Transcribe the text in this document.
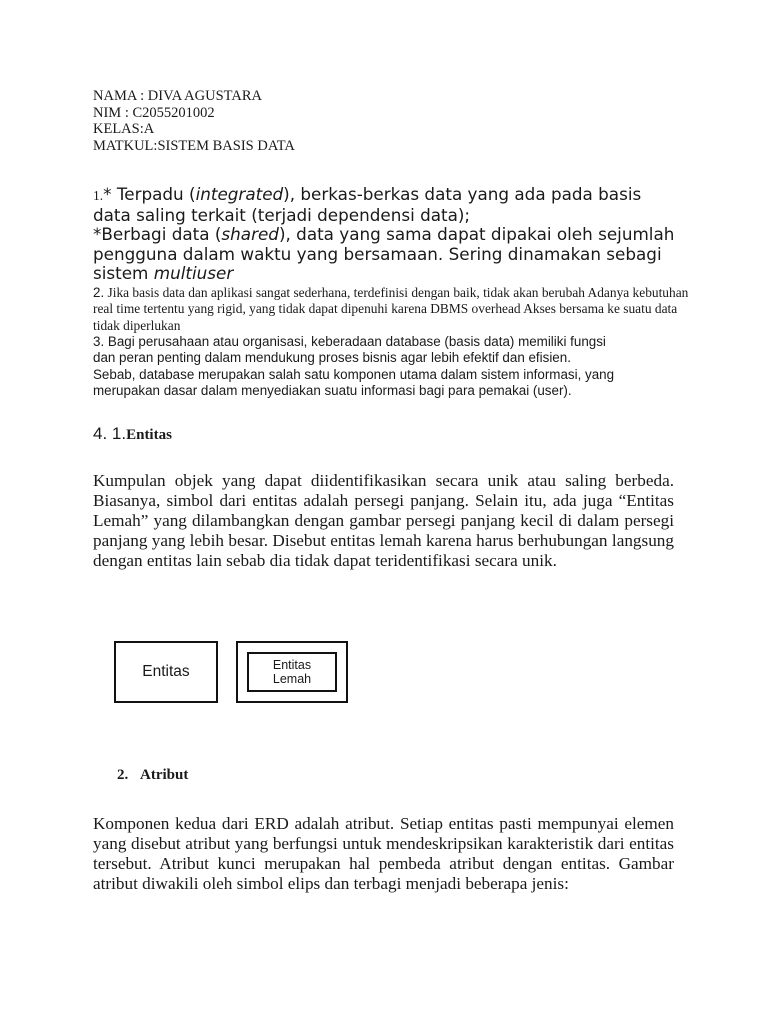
NAMA : DIVA AGUSTARA
NIM : C2055201002
KELAS:A
MATKUL:SISTEM BASIS DATA
1.* Terpadu (integrated), berkas-berkas data yang ada pada basis data saling terkait (terjadi dependensi data);
*Berbagi data (shared), data yang sama dapat dipakai oleh sejumlah pengguna dalam waktu yang bersamaan. Sering dinamakan sebagi sistem multiuser
2. Jika basis data dan aplikasi sangat sederhana, terdefinisi dengan baik, tidak akan berubah Adanya kebutuhan real time tertentu yang rigid, yang tidak dapat dipenuhi karena DBMS overhead Akses bersama ke suatu data tidak diperlukan
3. Bagi perusahaan atau organisasi, keberadaan database (basis data) memiliki fungsi
dan peran penting dalam mendukung proses bisnis agar lebih efektif dan efisien.
Sebab, database merupakan salah satu komponen utama dalam sistem informasi, yang
merupakan dasar dalam menyediakan suatu informasi bagi para pemakai (user).
4. 1.Entitas
Kumpulan objek yang dapat diidentifikasikan secara unik atau saling berbeda. Biasanya, simbol dari entitas adalah persegi panjang. Selain itu, ada juga “Entitas Lemah” yang dilambangkan dengan gambar persegi panjang kecil di dalam persegi panjang yang lebih besar. Disebut entitas lemah karena harus berhubungan langsung dengan entitas lain sebab dia tidak dapat teridentifikasi secara unik.
Entitas	Entitas
Lemah
2. Atribut
Komponen kedua dari ERD adalah atribut. Setiap entitas pasti mempunyai elemen yang disebut atribut yang berfungsi untuk mendeskripsikan karakteristik dari entitas tersebut. Atribut kunci merupakan hal pembeda atribut dengan entitas. Gambar atribut diwakili oleh simbol elips dan terbagi menjadi beberapa jenis:
